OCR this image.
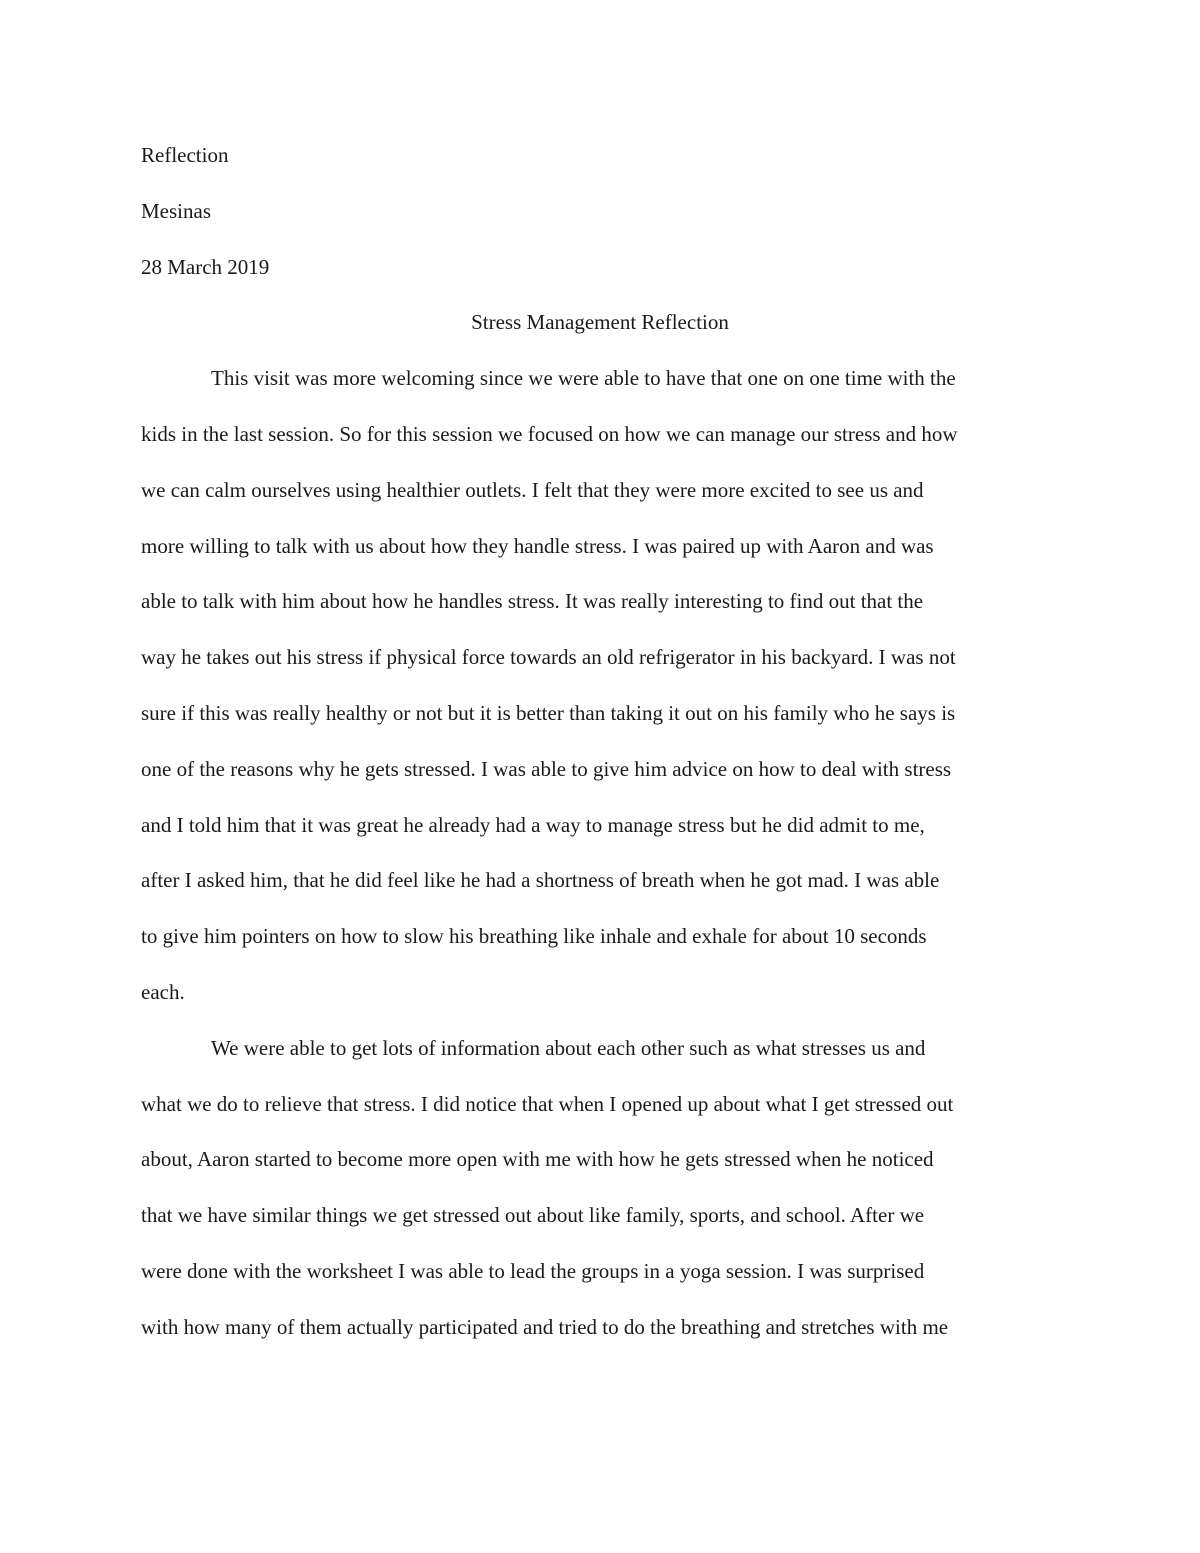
Reflection
Mesinas
28 March 2019
Stress Management Reflection
This visit was more welcoming since we were able to have that one on one time with the
kids in the last session. So for this session we focused on how we can manage our stress and how
we can calm ourselves using healthier outlets. I felt that they were more excited to see us and
more willing to talk with us about how they handle stress. I was paired up with Aaron and was
able to talk with him about how he handles stress. It was really interesting to find out that the
way he takes out his stress if physical force towards an old refrigerator in his backyard. I was not
sure if this was really healthy or not but it is better than taking it out on his family who he says is
one of the reasons why he gets stressed. I was able to give him advice on how to deal with stress
and I told him that it was great he already had a way to manage stress but he did admit to me,
after I asked him, that he did feel like he had a shortness of breath when he got mad. I was able
to give him pointers on how to slow his breathing like inhale and exhale for about 10 seconds
each.
We were able to get lots of information about each other such as what stresses us and
what we do to relieve that stress. I did notice that when I opened up about what I get stressed out
about, Aaron started to become more open with me with how he gets stressed when he noticed
that we have similar things we get stressed out about like family, sports, and school. After we
were done with the worksheet I was able to lead the groups in a yoga session. I was surprised
with how many of them actually participated and tried to do the breathing and stretches with me
